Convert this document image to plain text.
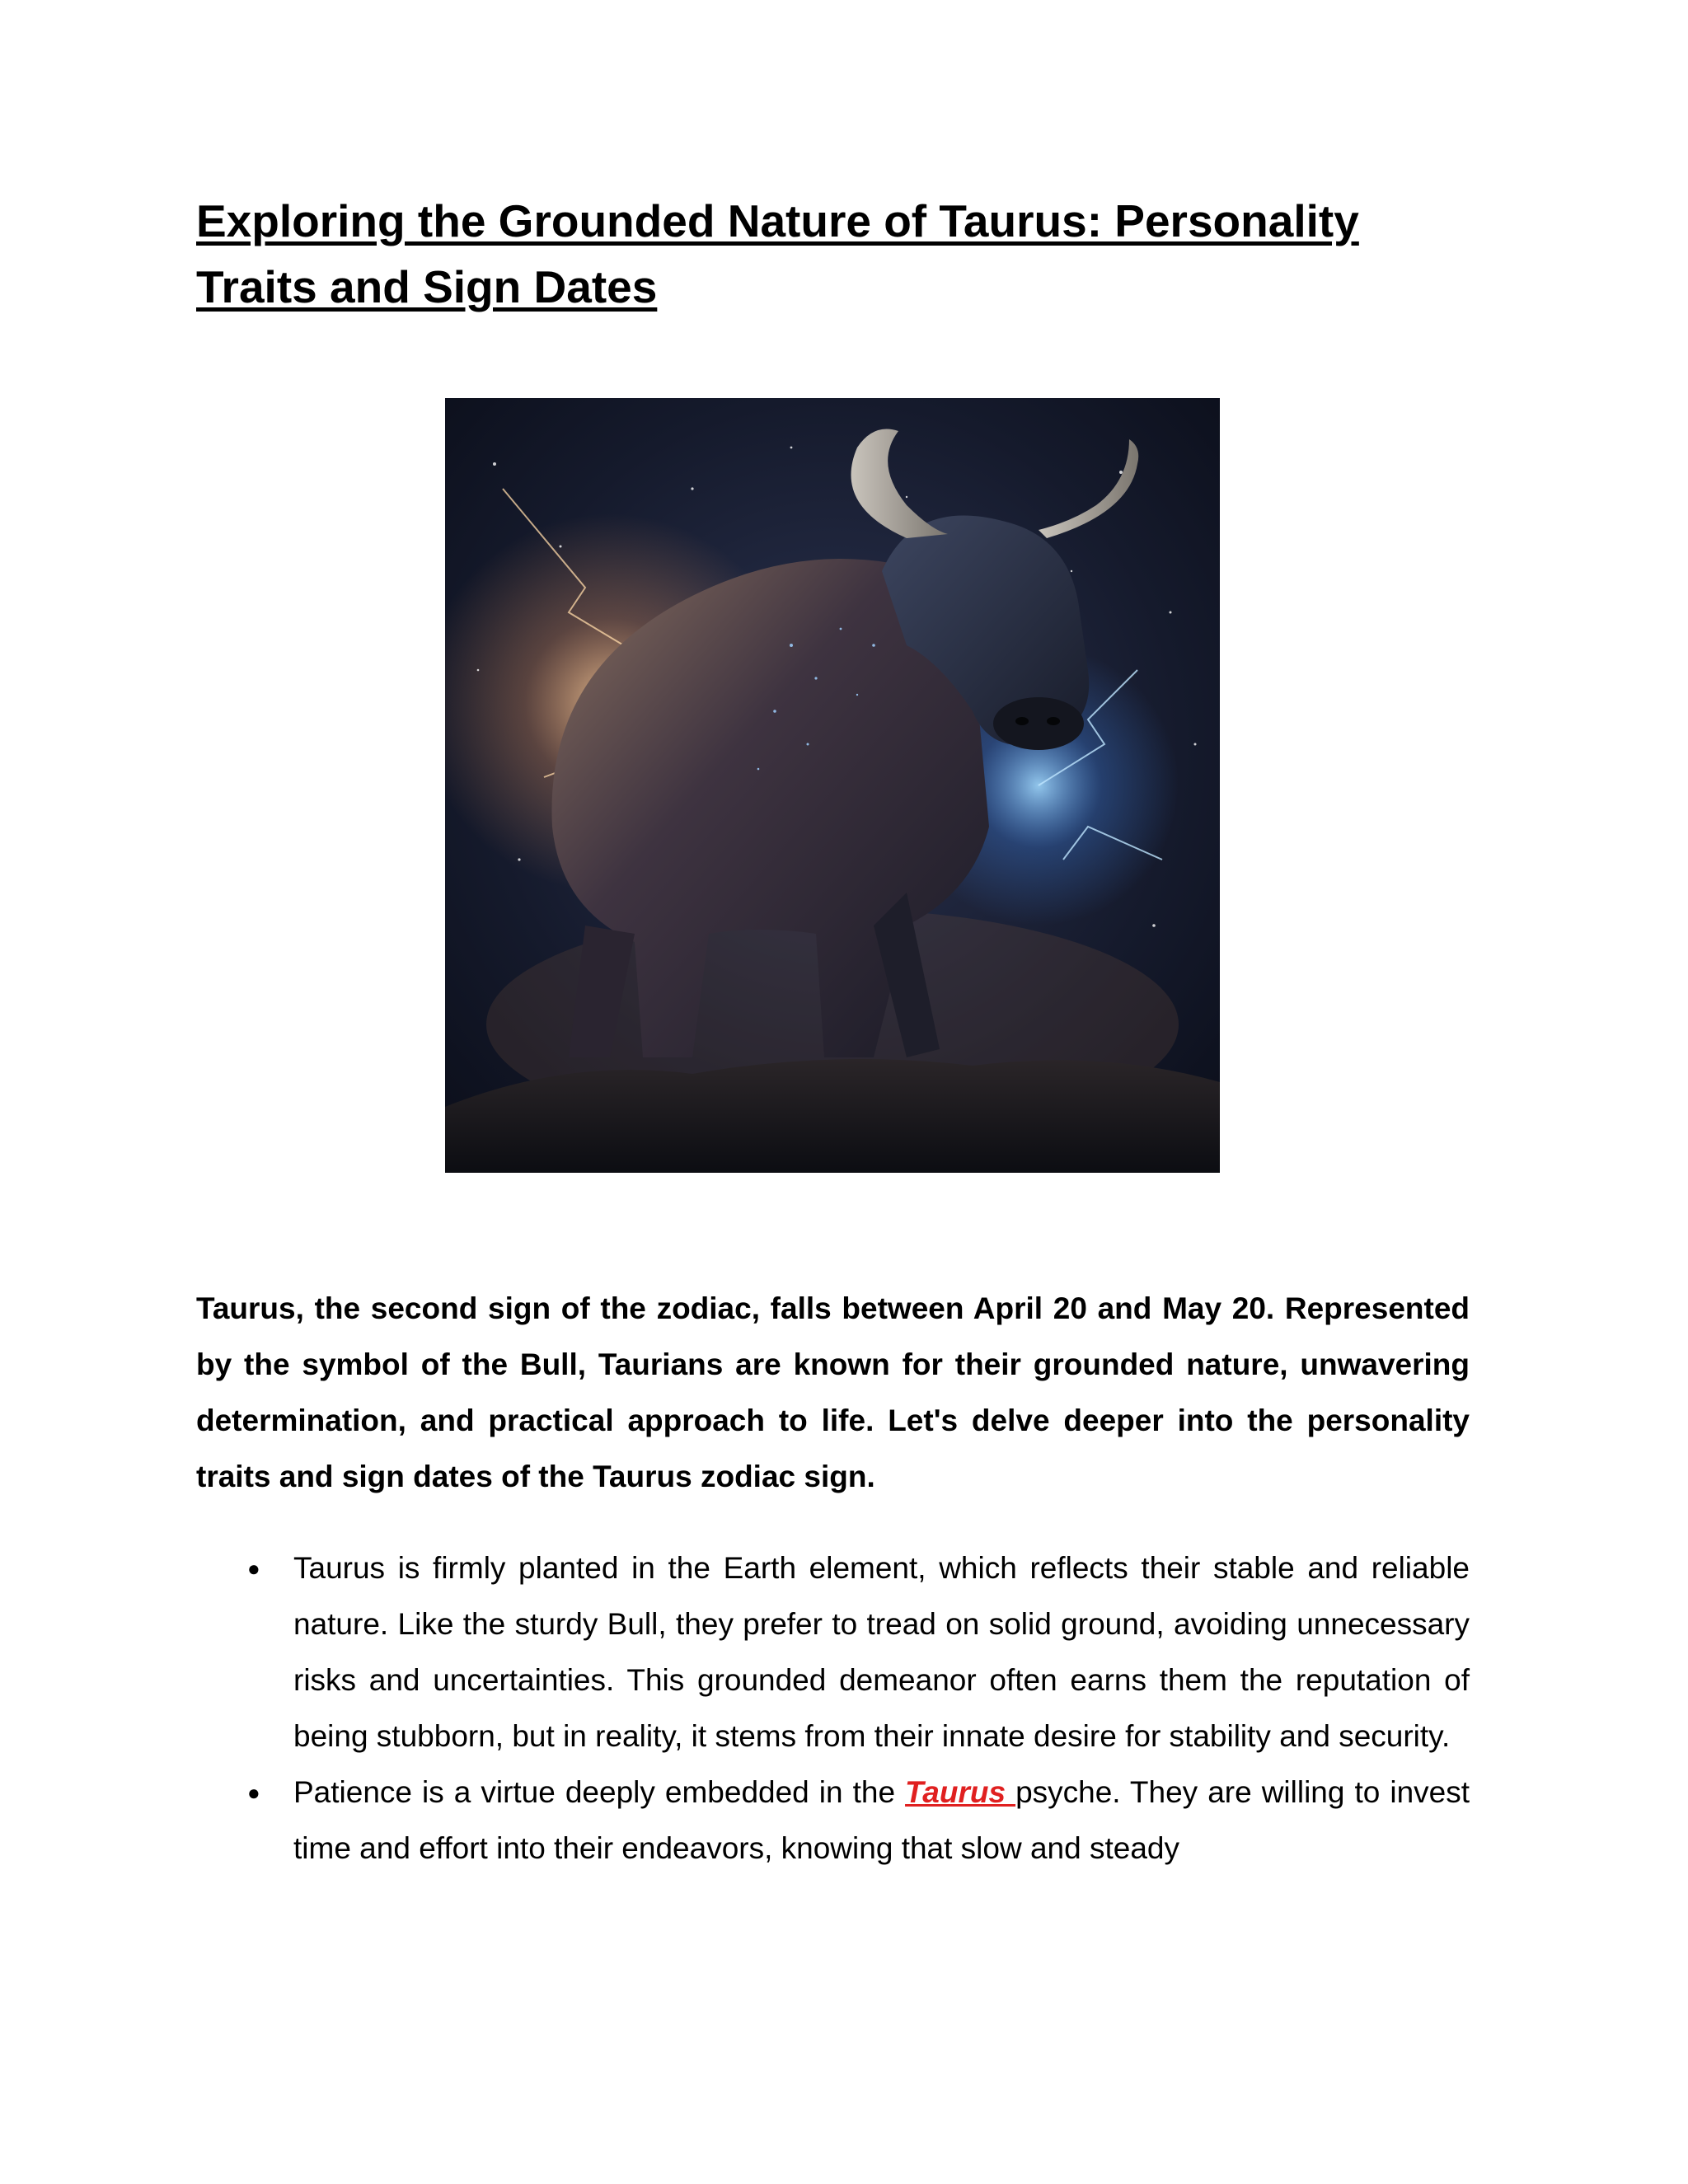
Exploring the Grounded Nature of Taurus: Personality Traits and Sign Dates

Taurus, the second sign of the zodiac, falls between April 20 and May 20. Represented by the symbol of the Bull, Taurians are known for their grounded nature, unwavering determination, and practical approach to life. Let's delve deeper into the personality traits and sign dates of the Taurus zodiac sign.

● Taurus is firmly planted in the Earth element, which reflects their stable and reliable nature. Like the sturdy Bull, they prefer to tread on solid ground, avoiding unnecessary risks and uncertainties. This grounded demeanor often earns them the reputation of being stubborn, but in reality, it stems from their innate desire for stability and security.
● Patience is a virtue deeply embedded in the Taurus psyche. They are willing to invest time and effort into their endeavors, knowing that slow and steady
